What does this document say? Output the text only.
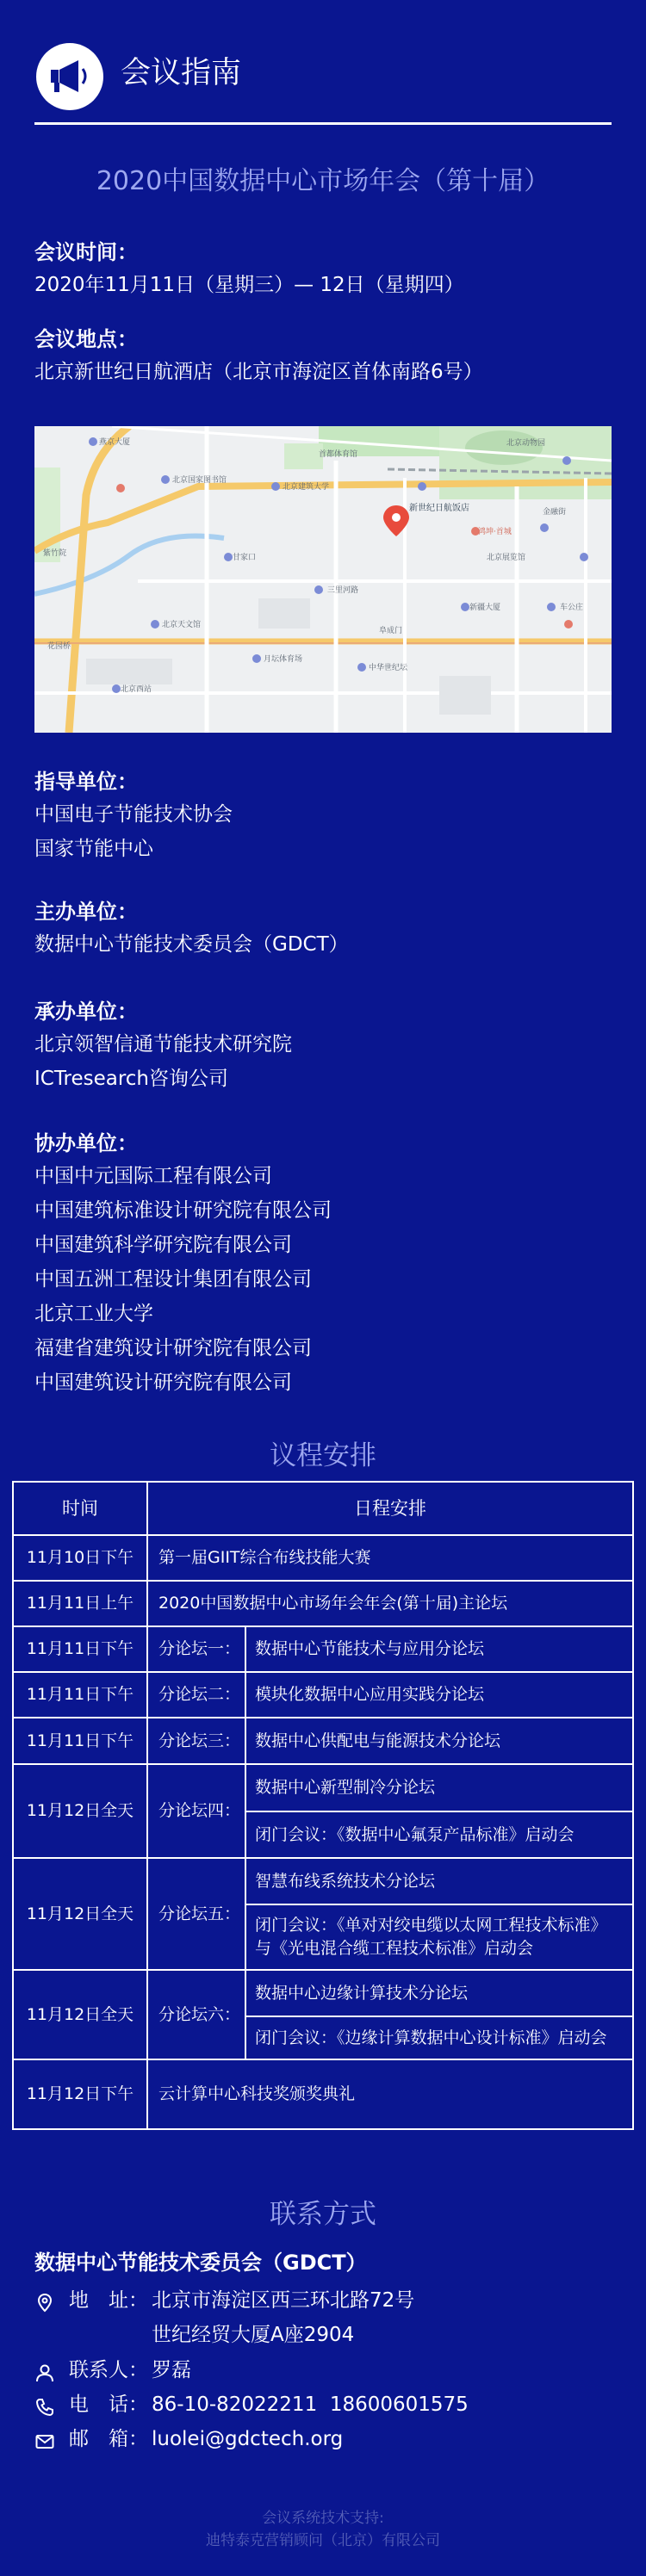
会议指南
2020中国数据中心市场年会（第十届）
会议时间：
2020年11月11日（星期三）— 12日（星期四）
会议地点：
北京新世纪日航酒店（北京市海淀区首体南路6号）
燕京大厦
北京国家图书馆
北京建筑大学
首都体育馆
北京动物园
鸿坤·首城
北京展览馆
紫竹院
新疆大厦	车公庄
花园桥
甘家口
三里河路
北京天文馆
月坛体育场
北京西站
中华世纪坛
金融街
阜成门
新世纪日航饭店
指导单位：
中国电子节能技术协会
国家节能中心
主办单位：
数据中心节能技术委员会（GDCT）
承办单位：
北京领智信通节能技术研究院
ICTresearch咨询公司
协办单位：
中国中元国际工程有限公司
中国建筑标准设计研究院有限公司
中国建筑科学研究院有限公司
中国五洲工程设计集团有限公司
北京工业大学
福建省建筑设计研究院有限公司
中国建筑设计研究院有限公司
议程安排
时间	日程安排
11月10日下午	第一届GIIT综合布线技能大赛
11月11日上午	2020中国数据中心市场年会年会(第十届)主论坛
11月11日下午	分论坛一： 数据中心节能技术与应用分论坛
11月11日下午	分论坛二： 模块化数据中心应用实践分论坛
11月11日下午	分论坛三： 数据中心供配电与能源技术分论坛
11月12日全天	分论坛四：
数据中心新型制冷分论坛
闭门会议：《数据中心氟泵产品标准》启动会
11月12日全天	分论坛五：
智慧布线系统技术分论坛
闭门会议：《单对对绞电缆以太网工程技术标准》
与《光电混合缆工程技术标准》启动会
11月12日全天	分论坛六：
数据中心边缘计算技术分论坛
闭门会议：《边缘计算数据中心设计标准》启动会
11月12日下午	云计算中心科技奖颁奖典礼
联系方式
数据中心节能技术委员会（GDCT）
地　址： 北京市海淀区西三环北路72号
世纪经贸大厦A座2904
联系人： 罗磊
电　话： 86-10-82022211  18600601575
邮　箱： luolei@gdctech.org
会议系统技术支持:
迪特泰克营销顾问（北京）有限公司
